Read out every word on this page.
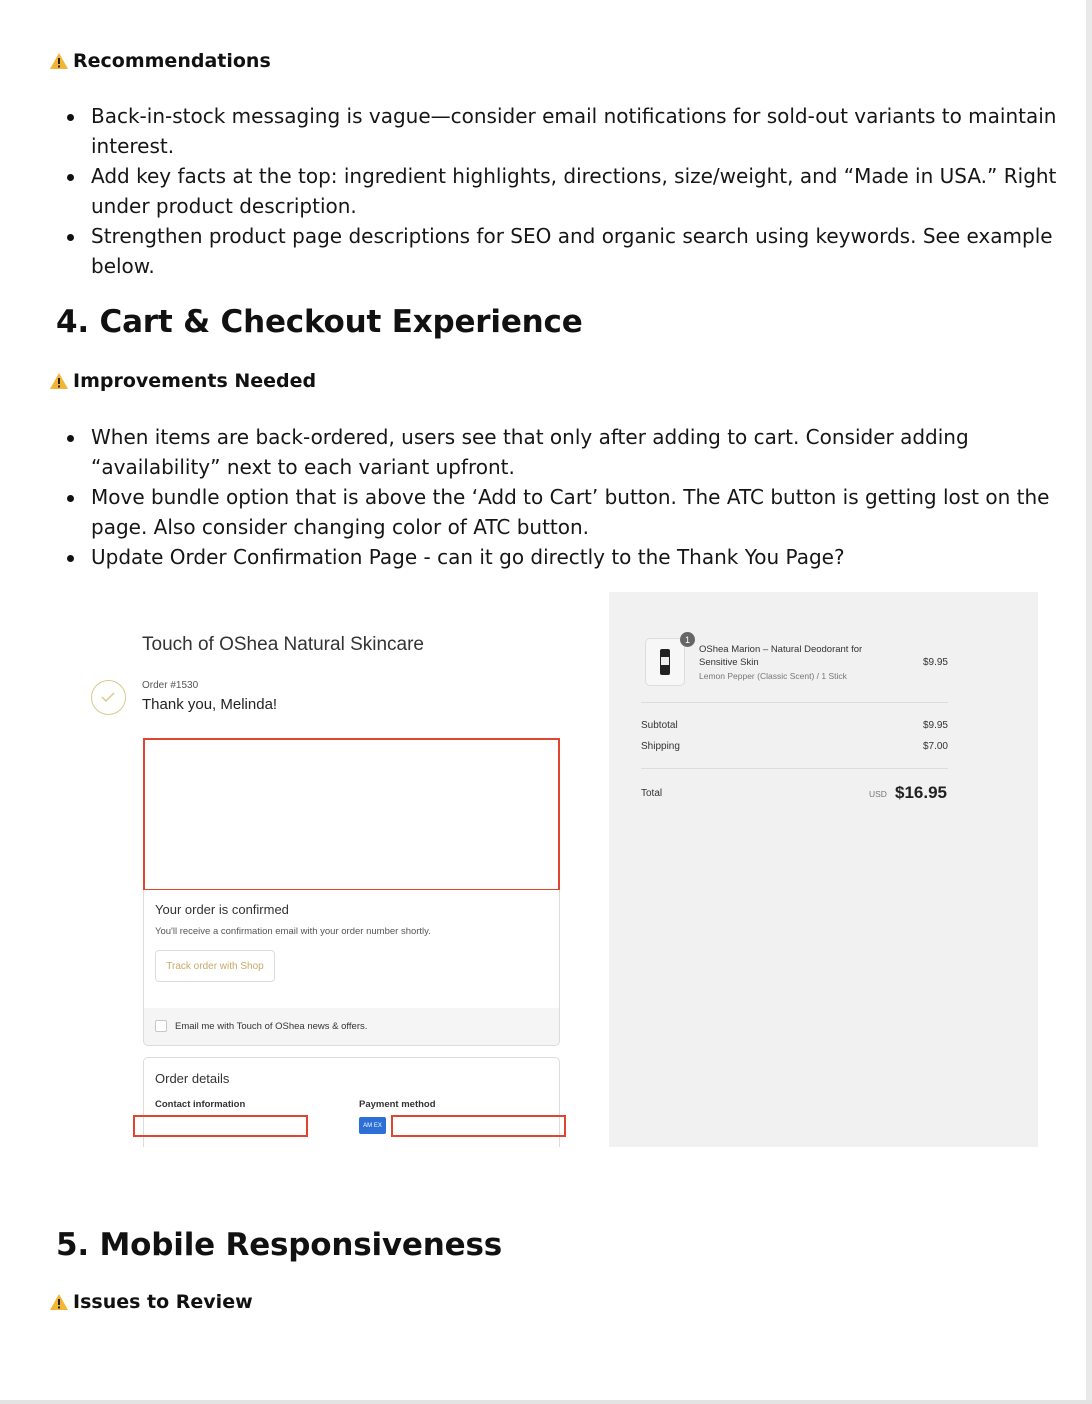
Recommendations
Back-in-stock messaging is vague—consider email notifications for sold-out variants to maintain interest.
Add key facts at the top: ingredient highlights, directions, size/weight, and “Made in USA.” Right under product description.
Strengthen product page descriptions for SEO and organic search using keywords. See example below.
4. Cart & Checkout Experience
Improvements Needed
When items are back-ordered, users see that only after adding to cart. Consider adding “availability” next to each variant upfront.
Move bundle option that is above the ‘Add to Cart’ button. The ATC button is getting lost on the page. Also consider changing color of ATC button.
Update Order Confirmation Page - can it go directly to the Thank You Page?
Touch of OShea Natural Skincare
Order #1530
Thank you, Melinda!
Your order is confirmed
You'll receive a confirmation email with your order number shortly.
Track order with Shop
Email me with Touch of OShea news & offers.
Order details
Contact information	Payment method
AM EX
1
OShea Marion – Natural Deodorant for
Sensitive Skin
Lemon Pepper (Classic Scent) / 1 Stick
$9.95
Subtotal	$9.95
Shipping	$7.00
Total	USD $16.95
5. Mobile Responsiveness
Issues to Review
